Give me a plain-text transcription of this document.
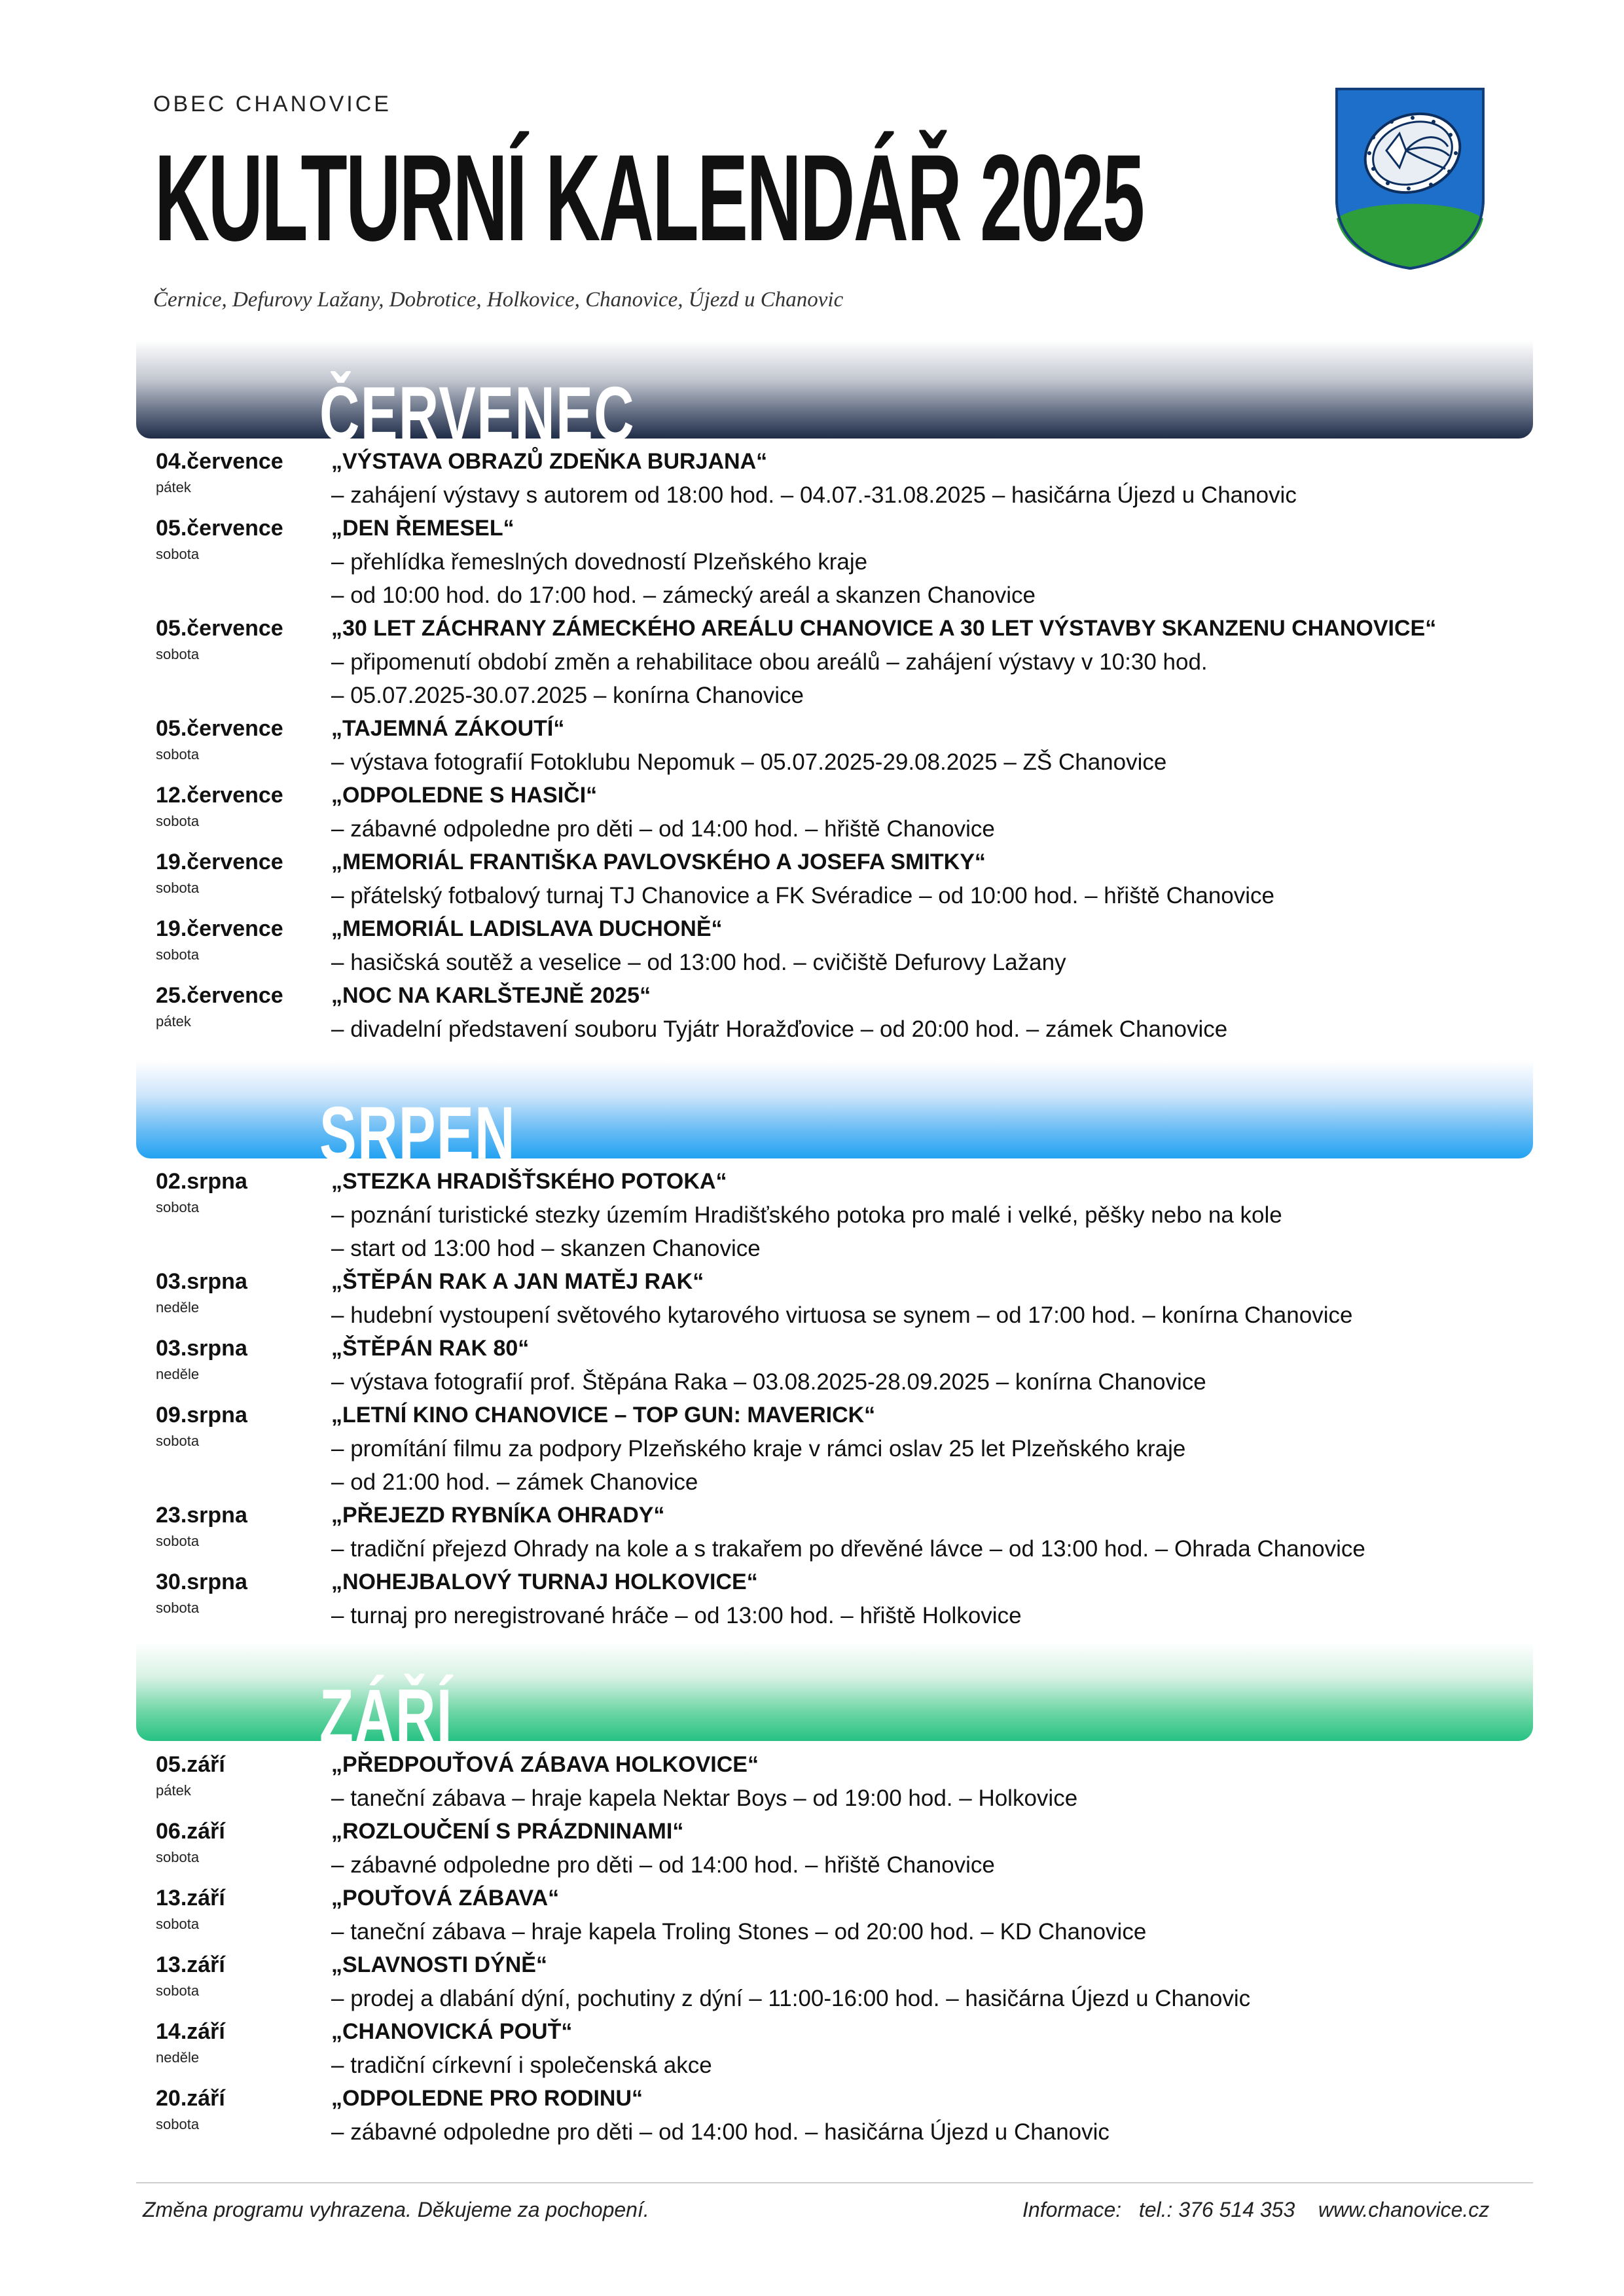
OBEC CHANOVICE
KULTURNÍ KALENDÁŘ 2025
Černice, Defurovy Lažany, Dobrotice, Holkovice, Chanovice, Újezd u Chanovic
ČERVENEC
04.července
pátek
„VÝSTAVA OBRAZŮ ZDEŇKA BURJANA“
– zahájení výstavy s autorem od 18:00 hod. – 04.07.-31.08.2025 – hasičárna Újezd u Chanovic
05.července
sobota
„DEN ŘEMESEL“
– přehlídka řemeslných dovedností Plzeňského kraje
– od 10:00 hod. do 17:00 hod. – zámecký areál a skanzen Chanovice
05.července
sobota
„30 LET ZÁCHRANY ZÁMECKÉHO AREÁLU CHANOVICE A 30 LET VÝSTAVBY SKANZENU CHANOVICE“
– připomenutí období změn a rehabilitace obou areálů – zahájení výstavy v 10:30 hod.
– 05.07.2025-30.07.2025 – konírna Chanovice
05.července
sobota
„TAJEMNÁ ZÁKOUTÍ“
– výstava fotografií Fotoklubu Nepomuk – 05.07.2025-29.08.2025 – ZŠ Chanovice
12.července
sobota
„ODPOLEDNE S HASIČI“
– zábavné odpoledne pro děti – od 14:00 hod. – hřiště Chanovice
19.července
sobota
„MEMORIÁL FRANTIŠKA PAVLOVSKÉHO A JOSEFA SMITKY“
– přátelský fotbalový turnaj TJ Chanovice a FK Svéradice – od 10:00 hod. – hřiště Chanovice
19.července
sobota
„MEMORIÁL LADISLAVA DUCHONĚ“
– hasičská soutěž a veselice – od 13:00 hod. – cvičiště Defurovy Lažany
25.července
pátek
„NOC NA KARLŠTEJNĚ 2025“
– divadelní představení souboru Tyjátr Horažďovice – od 20:00 hod. – zámek Chanovice
SRPEN
02.srpna
sobota
„STEZKA HRADIŠŤSKÉHO POTOKA“
– poznání turistické stezky územím Hradišťského potoka pro malé i velké, pěšky nebo na kole
– start od 13:00 hod – skanzen Chanovice
03.srpna
neděle
„ŠTĚPÁN RAK A JAN MATĚJ RAK“
– hudební vystoupení světového kytarového virtuosa se synem – od 17:00 hod. – konírna Chanovice
03.srpna
neděle
„ŠTĚPÁN RAK 80“
– výstava fotografií prof. Štěpána Raka – 03.08.2025-28.09.2025 – konírna Chanovice
09.srpna
sobota
„LETNÍ KINO CHANOVICE – TOP GUN: MAVERICK“
– promítání filmu za podpory Plzeňského kraje v rámci oslav 25 let Plzeňského kraje
– od 21:00 hod. – zámek Chanovice
23.srpna
sobota
„PŘEJEZD RYBNÍKA OHRADY“
– tradiční přejezd Ohrady na kole a s trakařem po dřevěné lávce – od 13:00 hod. – Ohrada Chanovice
30.srpna
sobota
„NOHEJBALOVÝ TURNAJ HOLKOVICE“
– turnaj pro neregistrované hráče – od 13:00 hod. – hřiště Holkovice
ZÁŘÍ
05.září
pátek
„PŘEDPOUŤOVÁ ZÁBAVA HOLKOVICE“
– taneční zábava – hraje kapela Nektar Boys – od 19:00 hod. – Holkovice
06.září
sobota
„ROZLOUČENÍ S PRÁZDNINAMI“
– zábavné odpoledne pro děti – od 14:00 hod. – hřiště Chanovice
13.září
sobota
„POUŤOVÁ ZÁBAVA“
– taneční zábava – hraje kapela Troling Stones – od 20:00 hod. – KD Chanovice
13.září
sobota
„SLAVNOSTI DÝNĚ“
– prodej a dlabání dýní, pochutiny z dýní – 11:00-16:00 hod. – hasičárna Újezd u Chanovic
14.září
neděle
„CHANOVICKÁ POUŤ“
– tradiční církevní i společenská akce
20.září
sobota
„ODPOLEDNE PRO RODINU“
– zábavné odpoledne pro děti – od 14:00 hod. – hasičárna Újezd u Chanovic
Změna programu vyhrazena. Děkujeme za pochopení.	Informace:   tel.: 376 514 353    www.chanovice.cz
